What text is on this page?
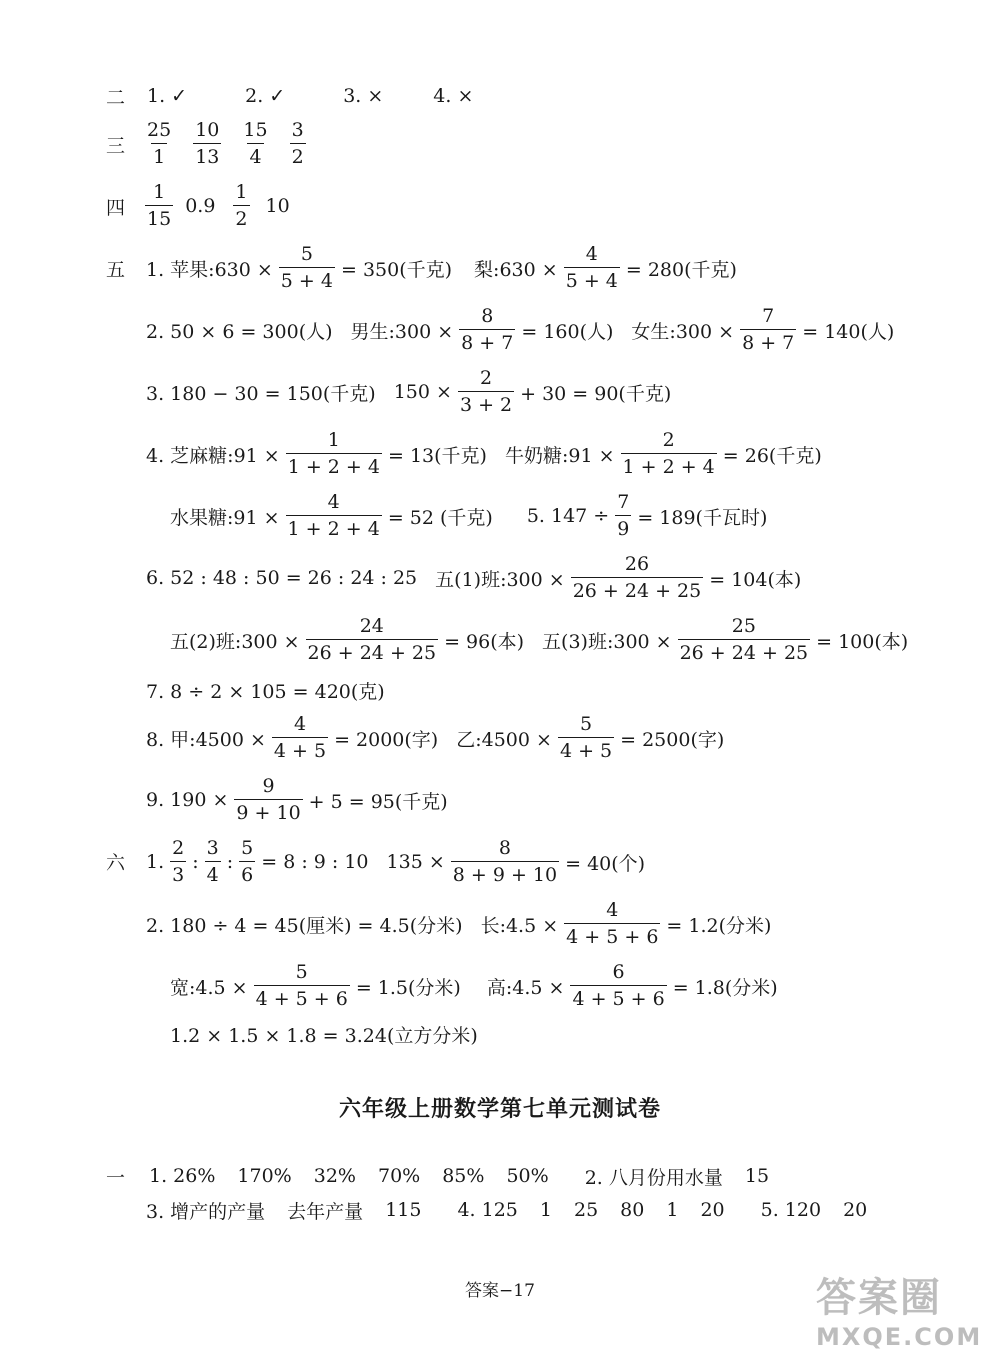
二 1. ✓	2. ✓	3. ×	4. ×
三
25
1
10
13
15
4
3
2
四
1
15
0.9
1
2
10
五 1. 苹果:630 × $\frac{5}{5 + 4} = 350$(千克) 梨:630 × $\frac{4}{5 + 4} = 280$(千克)
2. 50 × 6 = 300(人) 男生:300 × $\frac{8}{8 + 7} = 160$(人) 女生:300 × $\frac{7}{8 + 7} = 140$(人)
3. 180 − 30 = 150(千克) $150 \times \frac{2}{3 + 2} + 30 = 90$(千克)
4. 芝麻糖:91 × $\frac{1}{1 + 2 + 4} = 13$(千克) 牛奶糖:91 × $\frac{2}{1 + 2 + 4} = 26$(千克)
水果糖:91 × $\frac{4}{1 + 2 + 4} = 52$ (千克) 5. $147 \div \frac{7}{9} = 189$(千瓦时)
6. 52 : 48 : 50 = 26 : 24 : 25 五(1)班:300 × $\frac{26}{26 + 24 + 25} = 104$(本)
五(2)班:300 × $\frac{24}{26 + 24 + 25} = 96$(本) 五(3)班:300 × $\frac{25}{26 + 24 + 25} = 100$(本)
7. 8 ÷ 2 × 105 = 420(克)
8. 甲:4500 × $\frac{4}{4 + 5} = 2000$(字) 乙:4500 × $\frac{5}{4 + 5} = 2500$(字)
9. $190 \times \frac{9}{9 + 10} + 5 = 95$(千克)
六 1.
2
3
:
3
4
: $\frac{5}{6} = 8$ : 9 : 10 $135 \times \frac{8}{8 + 9 + 10} = 40$(个)
2. 180 ÷ 4 = 45(厘米) = 4.5(分米) 长:4.5 × $\frac{4}{4 + 5 + 6} = 1.2$(分米)
宽:4.5 × $\frac{5}{4 + 5 + 6} = 1.5$(分米) 高:4.5 × $\frac{6}{4 + 5 + 6} = 1.8$(分米)
1.2 × 1.5 × 1.8 = 3.24(立方分米)
六年级上册数学第七单元测试卷
一 1. 26% 170% 32% 70% 85% 50% 2. 八月份用水量 15
3. 增产的产量 去年产量 115 4. 125 1 25 80 1 20 5. 120 20
答案−17	答案圈
MXQE.COM
